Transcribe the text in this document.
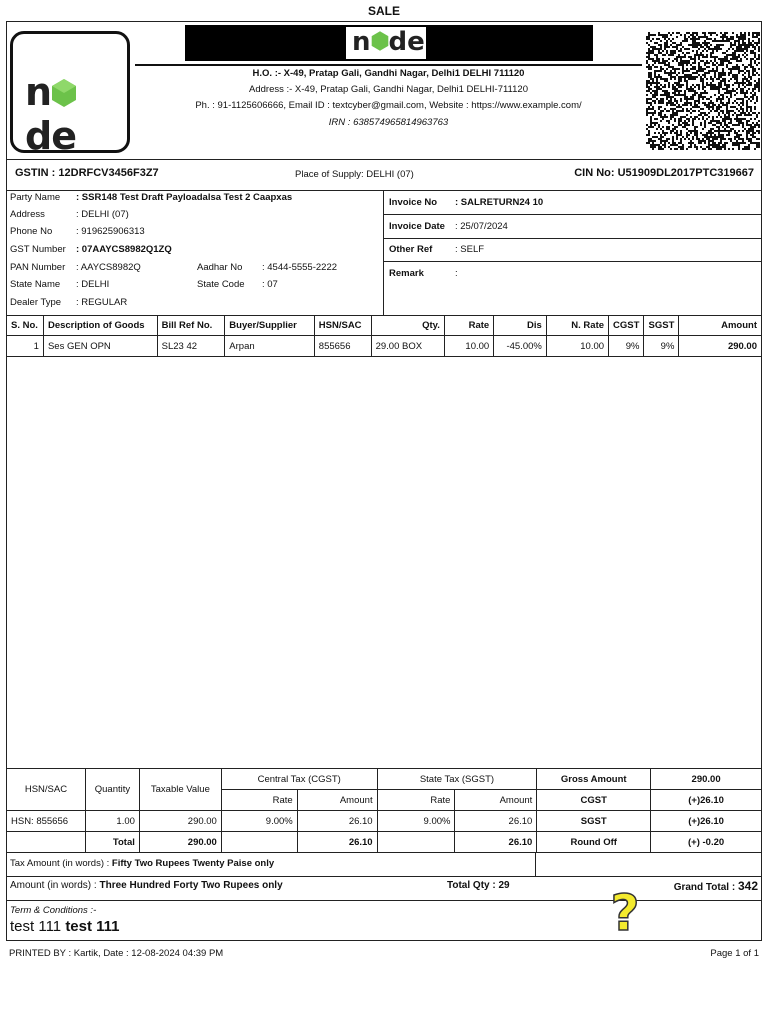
SALE
nde
n de
H.O. :- X-49, Pratap Gali, Gandhi Nagar, Delhi1 DELHI 711120
Address :- X-49, Pratap Gali, Gandhi Nagar, Delhi1 DELHI-711120
Ph. : 91-1125606666, Email ID : textcyber@gmail.com, Website : https://www.example.com/
IRN : 638574965814963763
GSTIN : 12DRFCV3456F3Z7	Place of Supply: DELHI (07)	CIN No: U51909DL2017PTC319667
Party Name : SSR148 Test Draft Payloadalsa Test 2 Caapxas
Address	: DELHI (07)
Phone No : 919625906313
GST Number : 07AAYCS8982Q1ZQ
PAN Number : AAYCS8982Q	Aadhar No : 4544-5555-2222
State Name : DELHI	State Code : 07
Dealer Type : REGULAR
Invoice No : SALRETURN24 10
Invoice Date : 25/07/2024
Other Ref : SELF
Remark	:
S. No.	Description of Goods	Bill Ref No.	Buyer/Supplier	HSN/SAC	Qty.	Rate	Dis	N. Rate	CGST	SGST	Amount
1	Ses GEN OPN	SL23 42	Arpan	855656	29.00 BOX	10.00	-45.00%	10.00	9%	9%	290.00
HSN/SAC	Quantity	Taxable Value	Central Tax (CGST)		State Tax (SGST)		Gross Amount	290.00
			Rate	Amount	Rate	Amount	CGST	(+)26.10
HSN: 855656	1.00	290.00	9.00%	26.10	9.00%	26.10	SGST	(+)26.10
	Total	290.00		26.10		26.10	Round Off	(+) -0.20
Tax Amount (in words) : Fifty Two Rupees Twenty Paise only
Amount (in words) : Three Hundred Forty Two Rupees only	Total Qty : 29	Grand Total : 342
Term & Conditions :-
test 111 test 111	?
PRINTED BY : Kartik, Date : 12-08-2024 04:39 PM	Page 1 of 1
